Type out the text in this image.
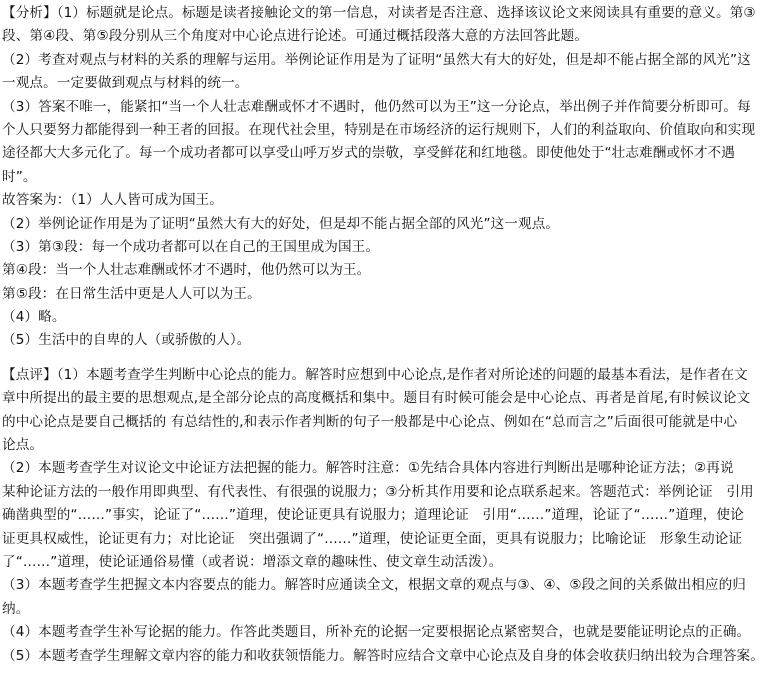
【分析】（1）标题就是论点。标题是读者接触论文的第一信息，对读者是否注意、选择该议论文来阅读具有重要的意义。第③
段、第④段、第⑤段分别从三个角度对中心论点进行论述。可通过概括段落大意的方法回答此题。
（2）考查对观点与材料的关系的理解与运用。举例论证作用是为了证明“虽然大有大的好处，但是却不能占据全部的风光”这
一观点。一定要做到观点与材料的统一。
（3）答案不唯一，能紧扣“当一个人壮志难酬或怀才不遇时，他仍然可以为王”这一分论点，举出例子并作简要分析即可。每
个人只要努力都能得到一种王者的回报。在现代社会里，特别是在市场经济的运行规则下，人们的利益取向、价值取向和实现
途径都大大多元化了。每一个成功者都可以享受山呼万岁式的崇敬，享受鲜花和红地毯。即使他处于“壮志难酬或怀才不遇
时”。
故答案为：（1）人人皆可成为国王。
（2）举例论证作用是为了证明“虽然大有大的好处，但是却不能占据全部的风光”这一观点。
（3）第③段：每一个成功者都可以在自己的王国里成为国王。
第④段：当一个人壮志难酬或怀才不遇时，他仍然可以为王。
第⑤段：在日常生活中更是人人可以为王。
（4）略。
（5）生活中的自卑的人（或骄傲的人）。
【点评】（1）本题考查学生判断中心论点的能力。解答时应想到中心论点,是作者对所论述的问题的最基本看法，是作者在文
章中所提出的最主要的思想观点,是全部分论点的高度概括和集中。题目有时候可能会是中心论点、再者是首尾,有时候议论文
的中心论点是要自己概括的 有总结性的,和表示作者判断的句子一般都是中心论点、例如在“总而言之”后面很可能就是中心
论点。
（2）本题考查学生对议论文中论证方法把握的能力。解答时注意：①先结合具体内容进行判断出是哪种论证方法；②再说
某种论证方法的一般作用即典型、有代表性、有很强的说服力；③分析其作用要和论点联系起来。答题范式：举例论证　引用
确凿典型的“……”事实，论证了“……”道理，使论证更具有说服力；道理论证　引用“……”道理，论证了“……”道理，使论
证更具权威性，论证更有力；对比论证　突出强调了“……”道理，使论证更全面，更具有说服力；比喻论证　形象生动论证
了“……”道理，使论证通俗易懂（或者说：增添文章的趣味性、使文章生动活泼）。
（3）本题考查学生把握文本内容要点的能力。解答时应通读全文，根据文章的观点与③、④、⑤段之间的关系做出相应的归
纳。
（4）本题考查学生补写论据的能力。作答此类题目，所补充的论据一定要根据论点紧密契合，也就是要能证明论点的正确。
（5）本题考查学生理解文章内容的能力和收获领悟能力。解答时应结合文章中心论点及自身的体会收获归纳出较为合理答案。
